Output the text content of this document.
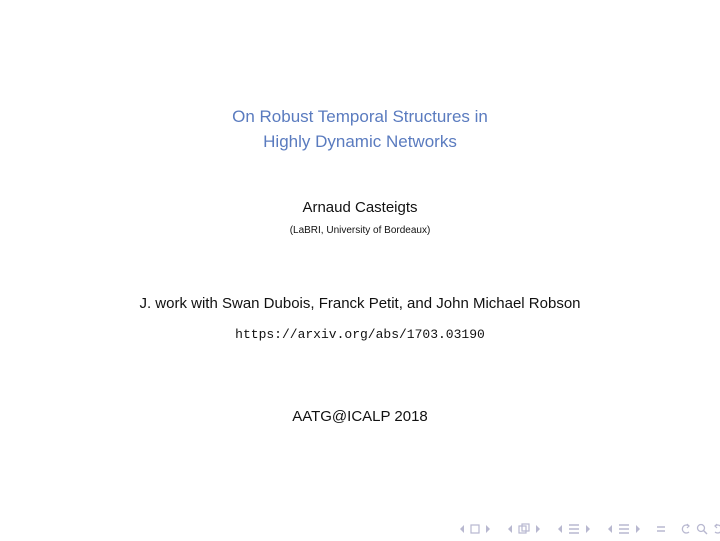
On Robust Temporal Structures in
Highly Dynamic Networks
Arnaud Casteigts
(LaBRI, University of Bordeaux)
J. work with Swan Dubois, Franck Petit, and John Michael Robson
https://arxiv.org/abs/1703.03190
AATG@ICALP 2018
